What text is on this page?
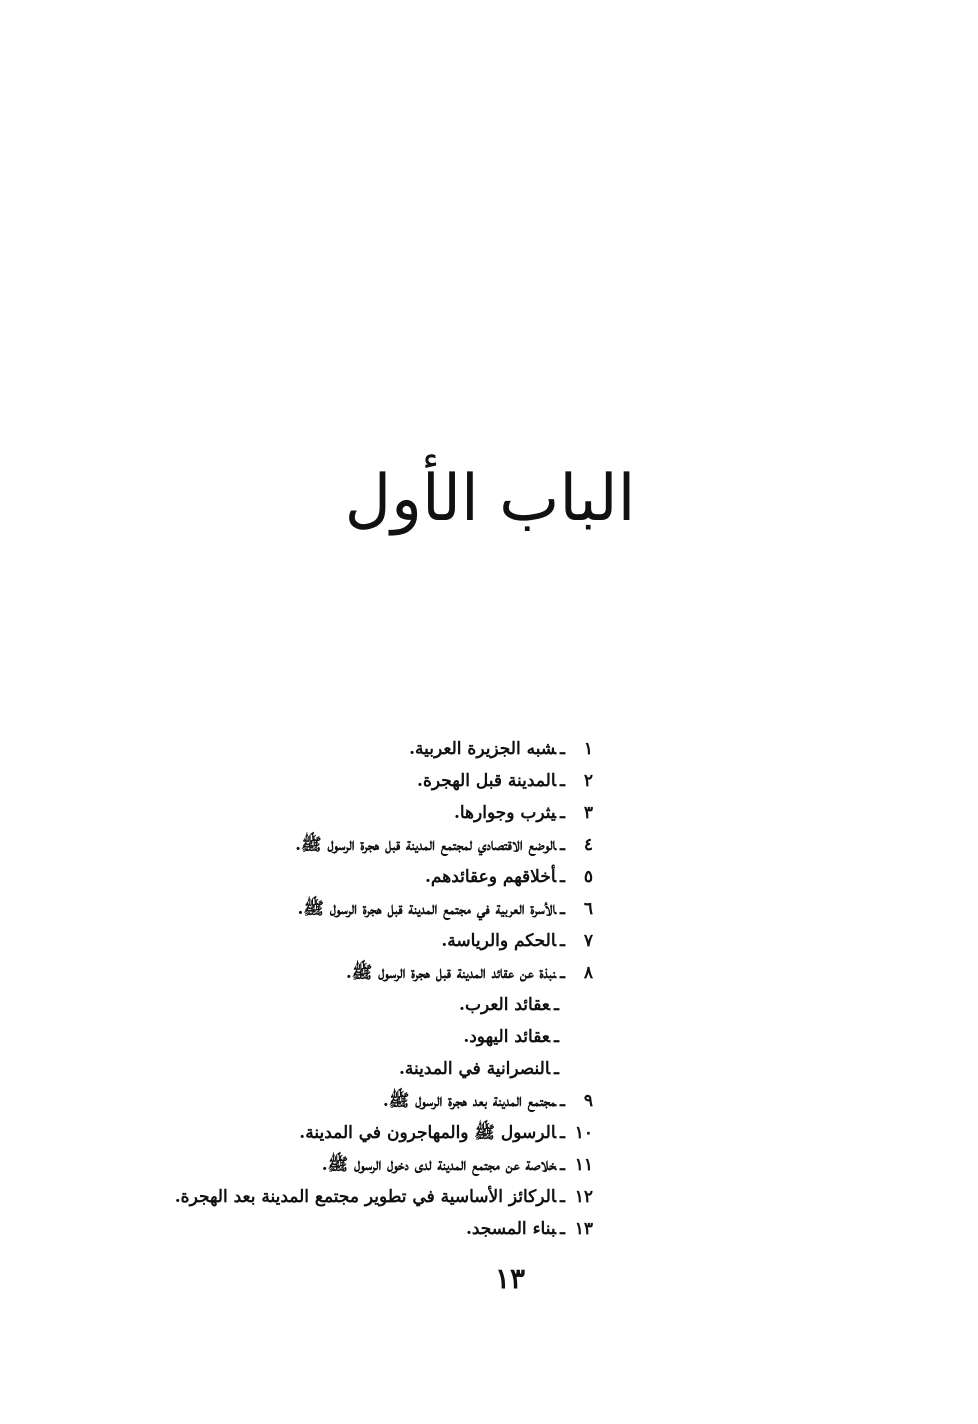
الباب الأول
١ـشبه الجزيرة العربية.
٢ـالمدينة قبل الهجرة.
٣ـيثرب وجوارها.
٤ـالوضع الاقتصادي لمجتمع المدينة قبل هجرة الرسول ﷺ.
٥ـأخلاقهم وعقائدهم.
٦ـالأسرة العربية في مجتمع المدينة قبل هجرة الرسول ﷺ.
٧ـالحكم والرياسة.
٨ـنبذة عن عقائد المدينة قبل هجرة الرسول ﷺ.
ـعقائد العرب.
ـعقائد اليهود.
ـالنصرانية في المدينة.
٩ـمجتمع المدينة بعد هجرة الرسول ﷺ.
١٠ـالرسول ﷺ والمهاجرون في المدينة.
١١ـخلاصة عن مجتمع المدينة لدى دخول الرسول ﷺ.
١٢ـالركائز الأساسية في تطوير مجتمع المدينة بعد الهجرة.
١٣ـبناء المسجد.
١٣
